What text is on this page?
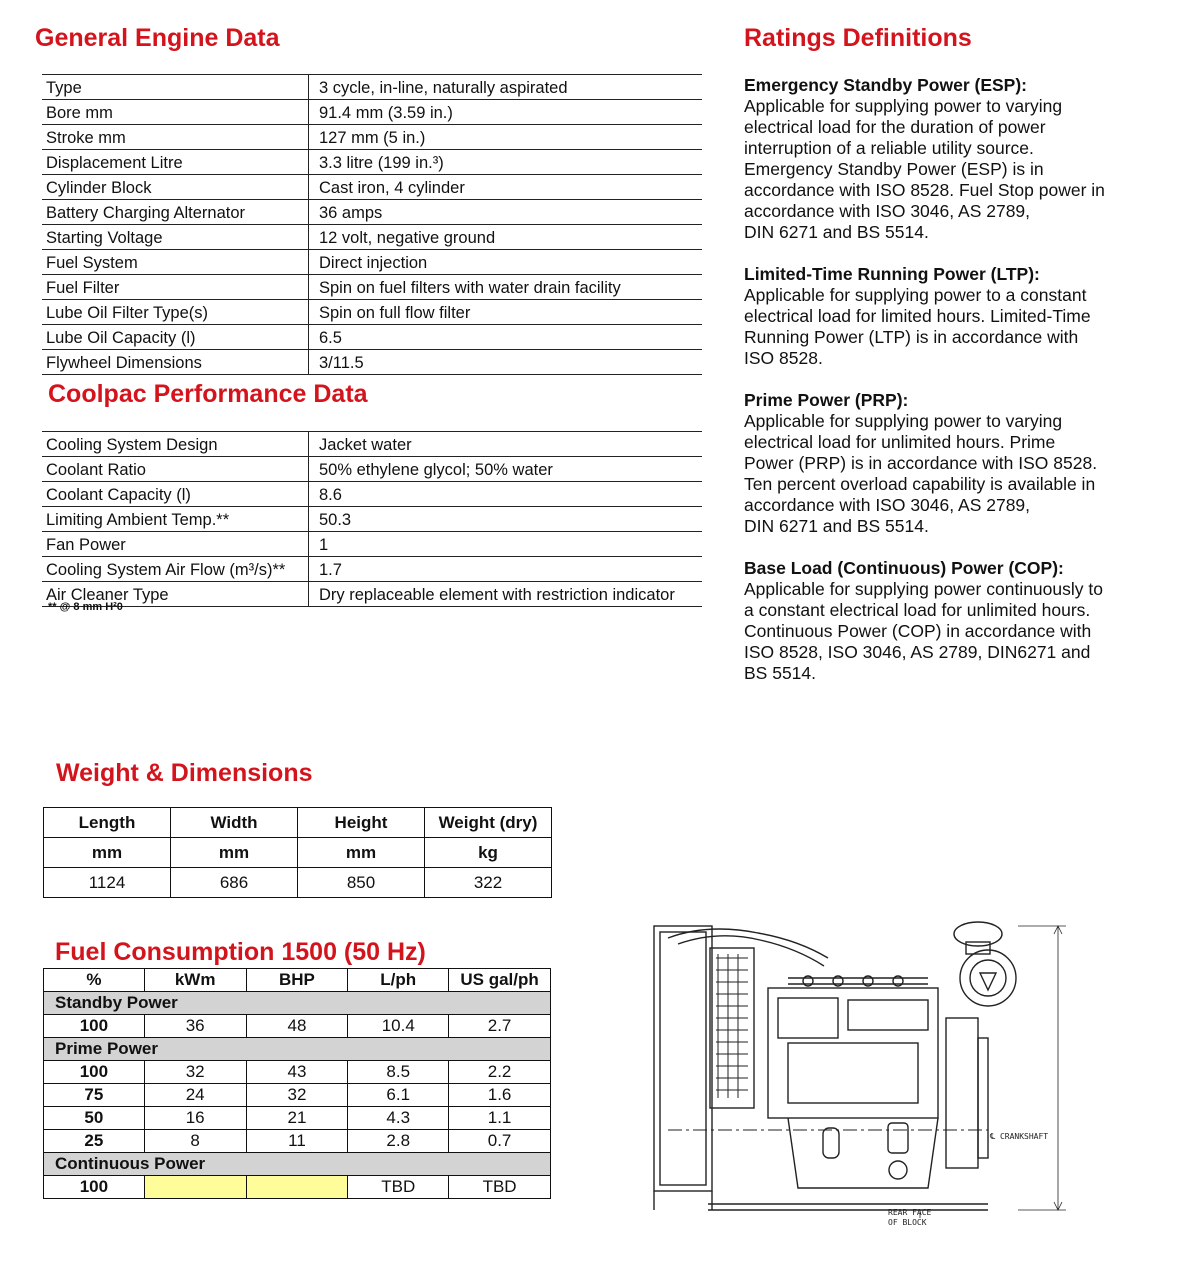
General Engine Data
Type	3 cycle, in-line, naturally aspirated
Bore mm	91.4 mm (3.59 in.)
Stroke mm	127 mm (5 in.)
Displacement Litre	3.3 litre (199 in.³)
Cylinder Block	Cast iron, 4 cylinder
Battery Charging Alternator	36 amps
Starting Voltage	12 volt, negative ground
Fuel System	Direct injection
Fuel Filter	Spin on fuel filters with water drain facility
Lube Oil Filter Type(s)	Spin on full flow filter
Lube Oil Capacity (l)	6.5
Flywheel Dimensions	3/11.5
Coolpac Performance Data
Cooling System Design	Jacket water
Coolant Ratio	50% ethylene glycol; 50% water
Coolant Capacity (l)	8.6
Limiting Ambient Temp.**	50.3
Fan Power	1
Cooling System Air Flow (m³/s)**	1.7
Air Cleaner Type	Dry replaceable element with restriction indicator
** @ 8 mm H²0
Ratings Definitions
Emergency Standby Power (ESP):
Applicable for supplying power to varying
electrical load for the duration of power
interruption of a reliable utility source.
Emergency Standby Power (ESP) is in
accordance with ISO 8528. Fuel Stop power in
accordance with ISO 3046, AS 2789,
DIN 6271 and BS 5514.
Limited-Time Running Power (LTP):
Applicable for supplying power to a constant
electrical load for limited hours. Limited-Time
Running Power (LTP) is in accordance with
ISO 8528.
Prime Power (PRP):
Applicable for supplying power to varying
electrical load for unlimited hours. Prime
Power (PRP) is in accordance with ISO 8528.
Ten percent overload capability is available in
accordance with ISO 3046, AS 2789,
DIN 6271 and BS 5514.
Base Load (Continuous) Power (COP):
Applicable for supplying power continuously to
a constant electrical load for unlimited hours.
Continuous Power (COP) in accordance with
ISO 8528, ISO 3046, AS 2789, DIN6271 and
BS 5514.
Weight & Dimensions
Length	Width	Height	Weight (dry)
mm	mm	mm	kg
1124	686	850	322
Fuel Consumption 1500 (50 Hz)
%	kWm	BHP	L/ph	US gal/ph
Standby Power				
100	36	48	10.4	2.7
Prime Power				
100	32	43	8.5	2.2
75	24	32	6.1	1.6
50	16	21	4.3	1.1
25	8	11	2.8	0.7
Continuous Power				
100			TBD	TBD
℄ CRANKSHAFT
REAR FACE
OF BLOCK
